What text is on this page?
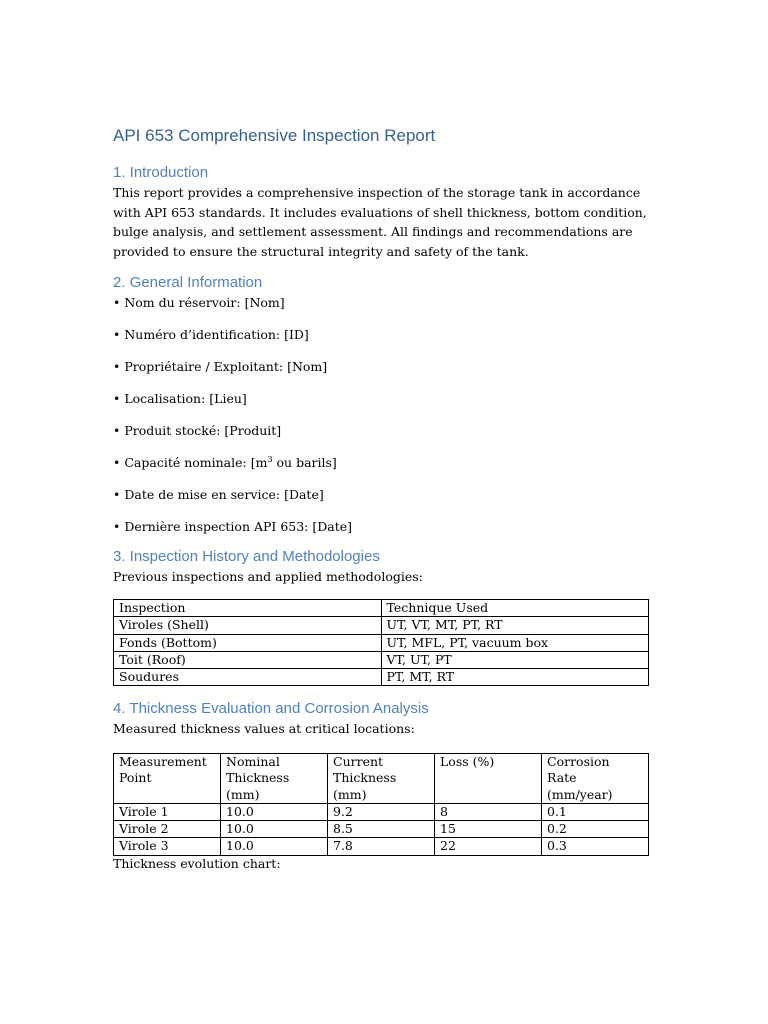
API 653 Comprehensive Inspection Report
1. Introduction

This report provides a comprehensive inspection of the storage tank in accordance with API 653 standards. It includes evaluations of shell thickness, bottom condition, bulge analysis, and settlement assessment. All findings and recommendations are provided to ensure the structural integrity and safety of the tank.

2. General Information
• Nom du réservoir: [Nom]
• Numéro d’identification: [ID]
• Propriétaire / Exploitant: [Nom]
• Localisation: [Lieu]
• Produit stocké: [Produit]
• Capacité nominale: [$m^3$ ou barils]
• Date de mise en service: [Date]
• Dernière inspection API 653: [Date]
3. Inspection History and Methodologies

Previous inspections and applied methodologies:

Inspection	Technique Used
Viroles (Shell)	UT, VT, MT, PT, RT
Fonds (Bottom)	UT, MFL, PT, vacuum box
Toit (Roof)	VT, UT, PT
Soudures	PT, MT, RT
4. Thickness Evaluation and Corrosion Analysis

Measured thickness values at critical locations:

Measurement Point	Nominal Thickness (mm)	Current Thickness (mm)	Loss (%)	Corrosion Rate (mm/year)
Virole 1	10.0	9.2	8	0.1
Virole 2	10.0	8.5	15	0.2
Virole 3	10.0	7.8	22	0.3

Thickness evolution chart:
